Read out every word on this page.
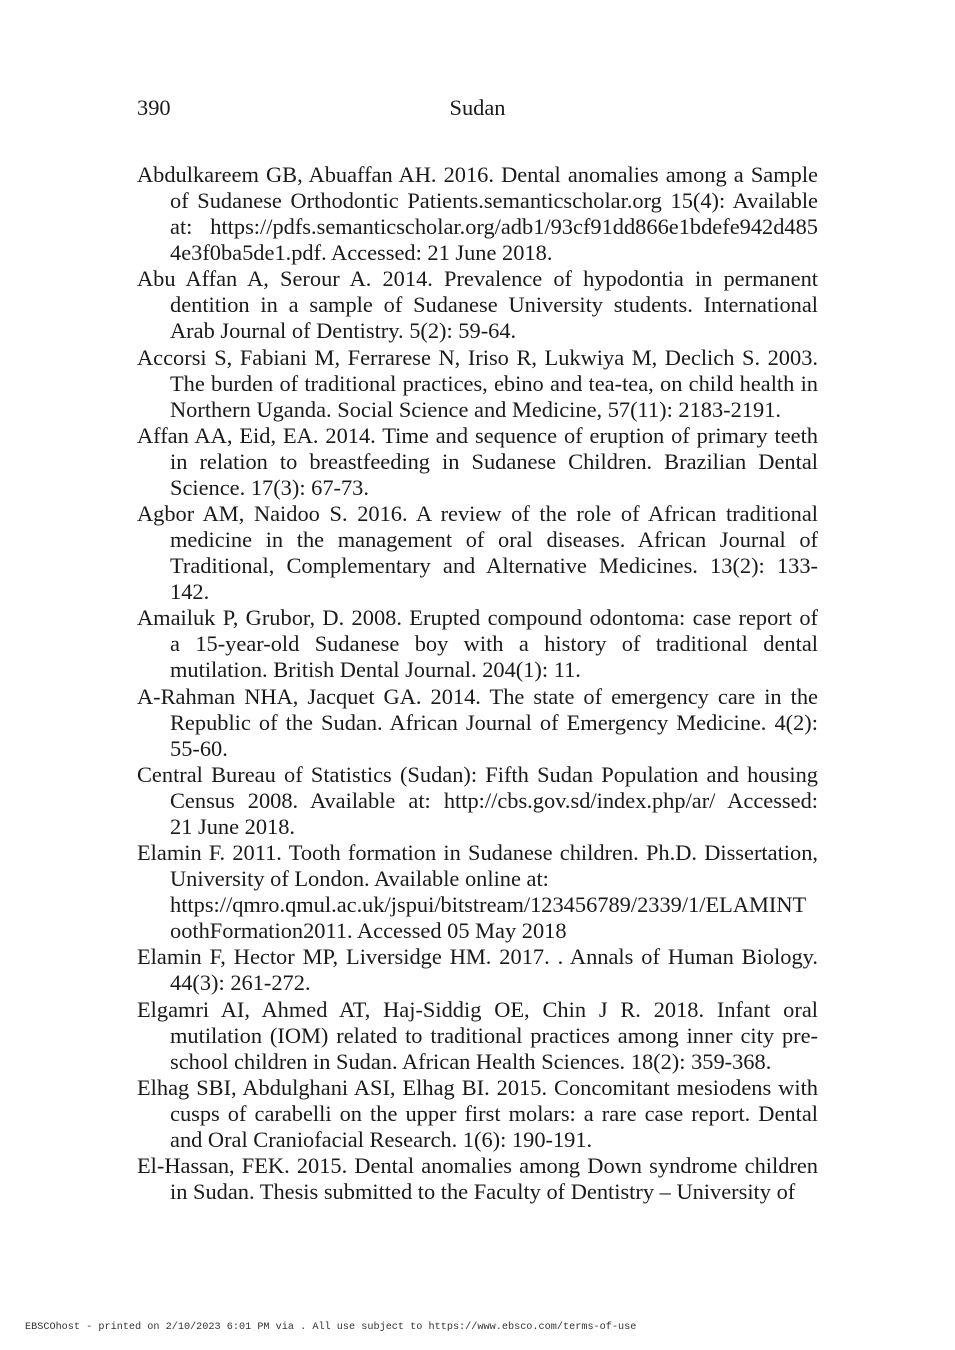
390	Sudan
Abdulkareem GB, Abuaffan AH. 2016. Dental anomalies among a Sample
of Sudanese Orthodontic Patients.semanticscholar.org 15(4): Available
at: https://pdfs.semanticscholar.org/adb1/93cf91dd866e1bdefe942d485
4e3f0ba5de1.pdf. Accessed: 21 June 2018.
Abu Affan A, Serour A. 2014. Prevalence of hypodontia in permanent
dentition in a sample of Sudanese University students. International
Arab Journal of Dentistry. 5(2): 59-64.
Accorsi S, Fabiani M, Ferrarese N, Iriso R, Lukwiya M, Declich S. 2003.
The burden of traditional practices, ebino and tea-tea, on child health in
Northern Uganda. Social Science and Medicine, 57(11): 2183-2191.
Affan AA, Eid, EA. 2014. Time and sequence of eruption of primary teeth
in relation to breastfeeding in Sudanese Children. Brazilian Dental
Science. 17(3): 67-73.
Agbor AM, Naidoo S. 2016. A review of the role of African traditional
medicine in the management of oral diseases. African Journal of
Traditional, Complementary and Alternative Medicines. 13(2): 133-
142.
Amailuk P, Grubor, D. 2008. Erupted compound odontoma: case report of
a 15-year-old Sudanese boy with a history of traditional dental
mutilation. British Dental Journal. 204(1): 11.
A-Rahman NHA, Jacquet GA. 2014. The state of emergency care in the
Republic of the Sudan. African Journal of Emergency Medicine. 4(2):
55-60.
Central Bureau of Statistics (Sudan): Fifth Sudan Population and housing
Census 2008. Available at: http://cbs.gov.sd/index.php/ar/ Accessed:
21 June 2018.
Elamin F. 2011. Tooth formation in Sudanese children. Ph.D. Dissertation,
University of London. Available online at:
https://qmro.qmul.ac.uk/jspui/bitstream/123456789/2339/1/ELAMINT
oothFormation2011. Accessed 05 May 2018
Elamin F, Hector MP, Liversidge HM. 2017. . Annals of Human Biology.
44(3): 261-272.
Elgamri AI, Ahmed AT, Haj-Siddig OE, Chin J R. 2018. Infant oral
mutilation (IOM) related to traditional practices among inner city pre-
school children in Sudan. African Health Sciences. 18(2): 359-368.
Elhag SBI, Abdulghani ASI, Elhag BI. 2015. Concomitant mesiodens with
cusps of carabelli on the upper first molars: a rare case report. Dental
and Oral Craniofacial Research. 1(6): 190-191.
El-Hassan, FEK. 2015. Dental anomalies among Down syndrome children
in Sudan. Thesis submitted to the Faculty of Dentistry – University of
EBSCOhost - printed on 2/10/2023 6:01 PM via . All use subject to https://www.ebsco.com/terms-of-use
